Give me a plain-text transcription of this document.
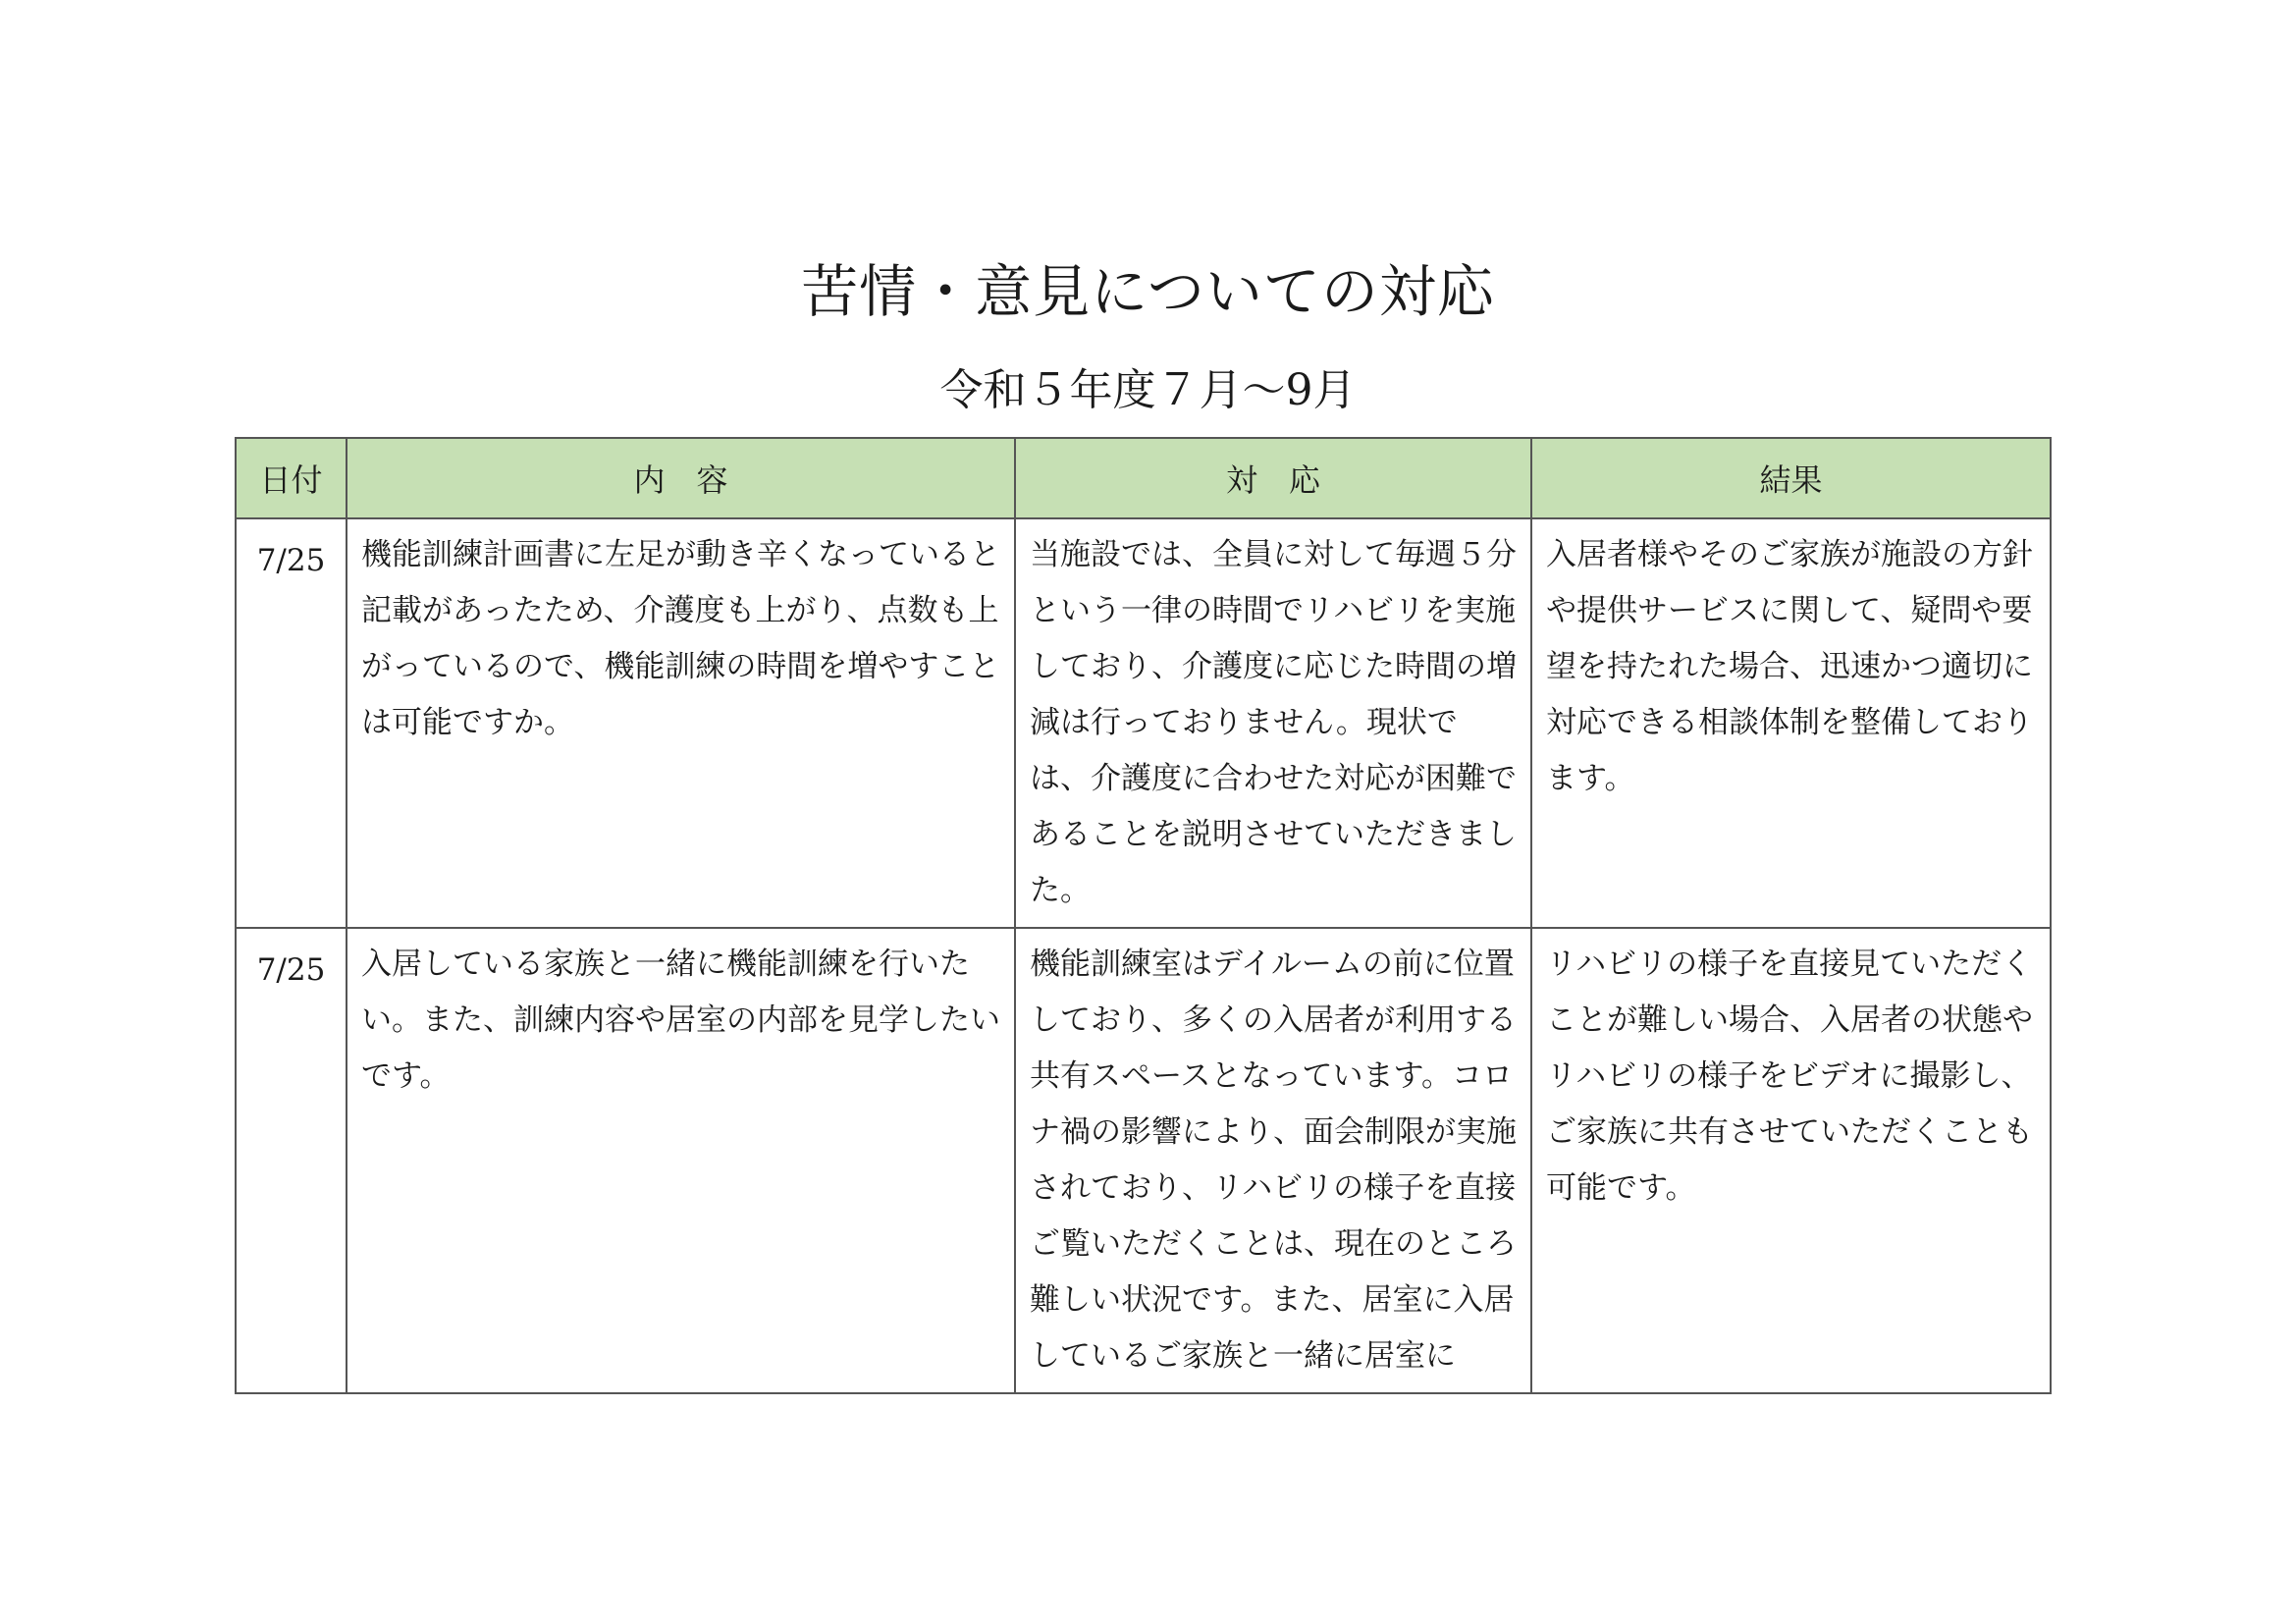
苦情・意見についての対応
令和５年度７月～9月
日付	内　容	対　応	結果
7/25	機能訓練計画書に左足が動き辛くなっていると記載があったため、介護度も上がり、点数も上がっているので、機能訓練の時間を増やすことは可能ですか。	当施設では、全員に対して毎週５分という一律の時間でリハビリを実施しており、介護度に応じた時間の増減は行っておりません。現状では、介護度に合わせた対応が困難であることを説明させていただきました。	入居者様やそのご家族が施設の方針や提供サービスに関して、疑問や要望を持たれた場合、迅速かつ適切に対応できる相談体制を整備しております。
7/25	入居している家族と一緒に機能訓練を行いたい。また、訓練内容や居室の内部を見学したいです。	機能訓練室はデイルームの前に位置しており、多くの入居者が利用する共有スペースとなっています。コロナ禍の影響により、面会制限が実施されており、リハビリの様子を直接ご覧いただくことは、現在のところ難しい状況です。また、居室に入居しているご家族と一緒に居室に	リハビリの様子を直接見ていただくことが難しい場合、入居者の状態やリハビリの様子をビデオに撮影し、ご家族に共有させていただくことも可能です。
